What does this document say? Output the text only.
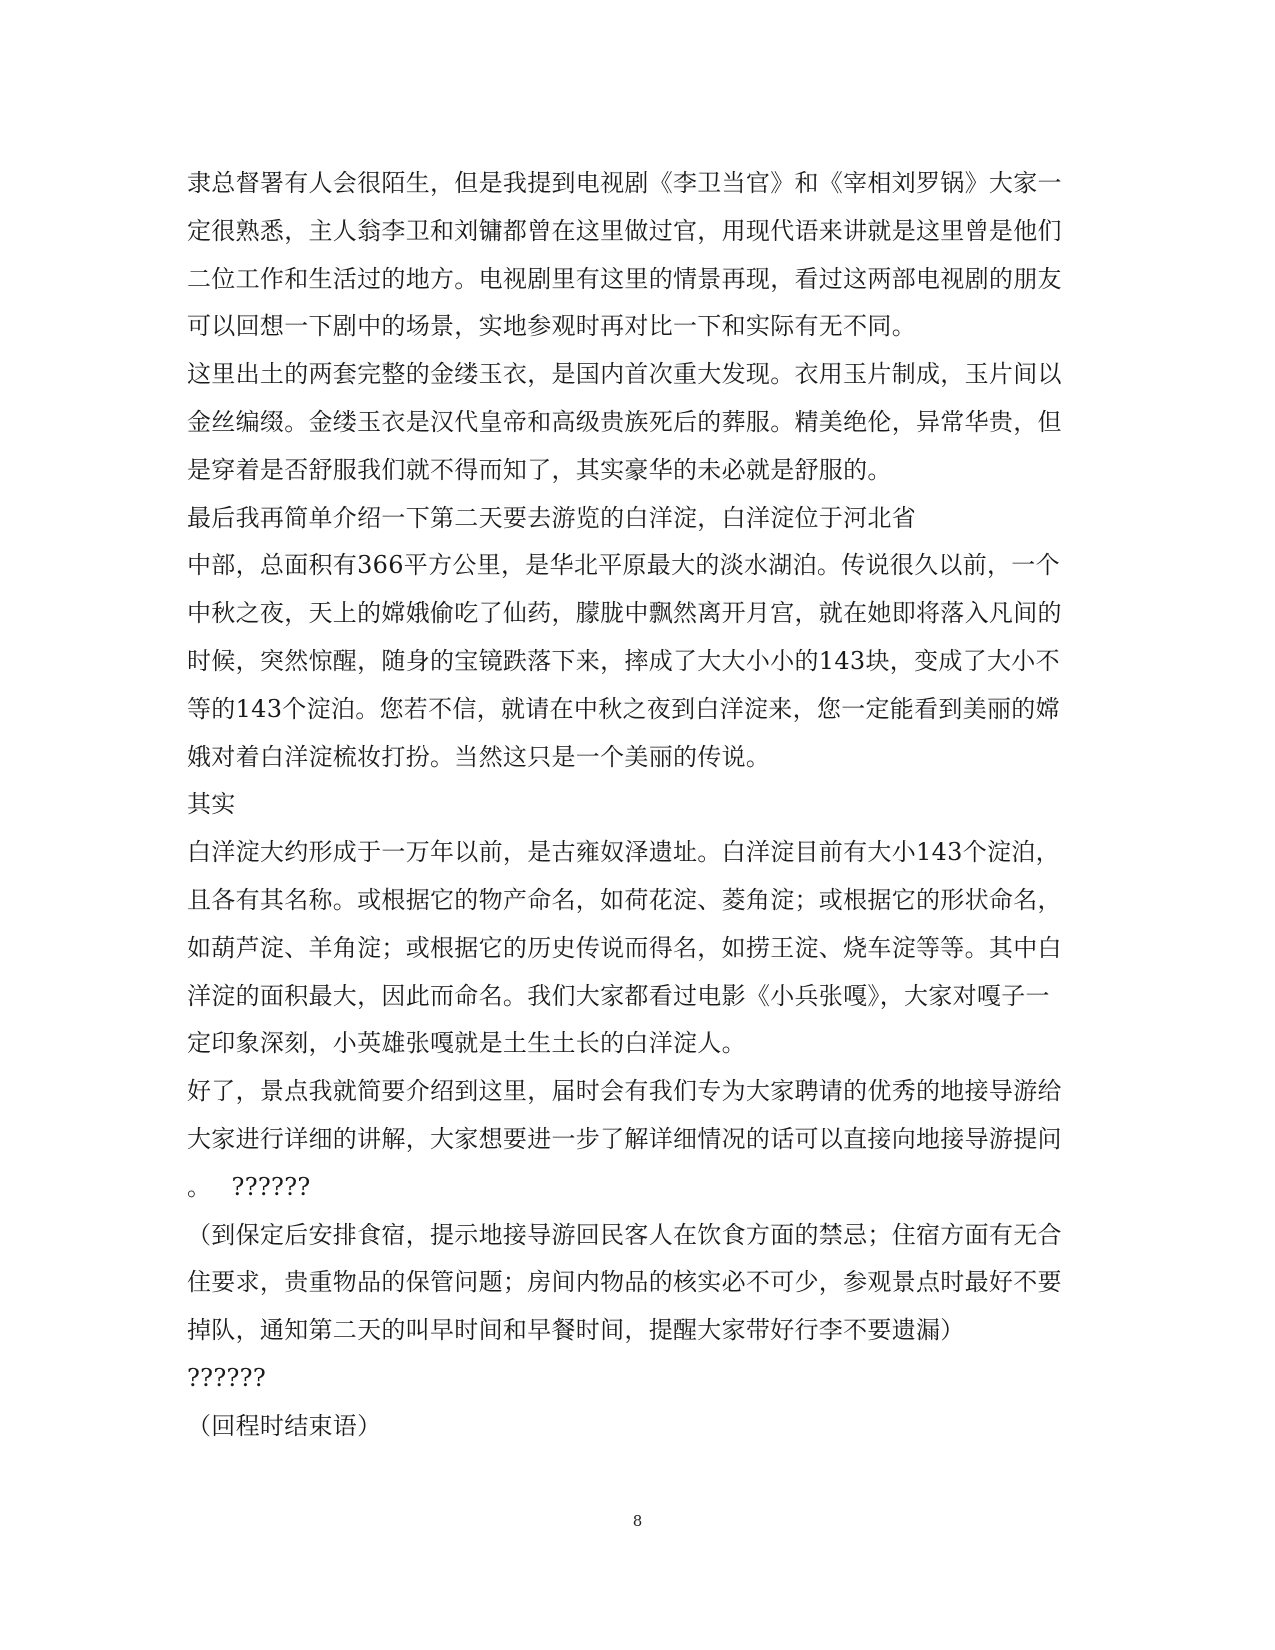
隶总督署有人会很陌生，但是我提到电视剧《李卫当官》和《宰相刘罗锅》大家一
定很熟悉，主人翁李卫和刘镛都曾在这里做过官，用现代语来讲就是这里曾是他们
二位工作和生活过的地方。电视剧里有这里的情景再现，看过这两部电视剧的朋友
可以回想一下剧中的场景，实地参观时再对比一下和实际有无不同。
这里出土的两套完整的金缕玉衣，是国内首次重大发现。衣用玉片制成，玉片间以
金丝编缀。金缕玉衣是汉代皇帝和高级贵族死后的葬服。精美绝伦，异常华贵，但
是穿着是否舒服我们就不得而知了，其实豪华的未必就是舒服的。
最后我再简单介绍一下第二天要去游览的白洋淀，白洋淀位于河北省
中部，总面积有366平方公里，是华北平原最大的淡水湖泊。传说很久以前，一个
中秋之夜，天上的嫦娥偷吃了仙药，朦胧中飘然离开月宫，就在她即将落入凡间的
时候，突然惊醒，随身的宝镜跌落下来，摔成了大大小小的143块，变成了大小不
等的143个淀泊。您若不信，就请在中秋之夜到白洋淀来，您一定能看到美丽的嫦
娥对着白洋淀梳妆打扮。当然这只是一个美丽的传说。
其实
白洋淀大约形成于一万年以前，是古雍奴泽遗址。白洋淀目前有大小143个淀泊，
且各有其名称。或根据它的物产命名，如荷花淀、菱角淀；或根据它的形状命名，
如葫芦淀、羊角淀；或根据它的历史传说而得名，如捞王淀、烧车淀等等。其中白
洋淀的面积最大，因此而命名。我们大家都看过电影《小兵张嘎》，大家对嘎子一
定印象深刻，小英雄张嘎就是土生土长的白洋淀人。
好了，景点我就简要介绍到这里，届时会有我们专为大家聘请的优秀的地接导游给
大家进行详细的讲解，大家想要进一步了解详细情况的话可以直接向地接导游提问
。　 ??????
（到保定后安排食宿，提示地接导游回民客人在饮食方面的禁忌；住宿方面有无合
住要求，贵重物品的保管问题；房间内物品的核实必不可少，参观景点时最好不要
掉队，通知第二天的叫早时间和早餐时间，提醒大家带好行李不要遗漏）
??????
（回程时结束语）
8
